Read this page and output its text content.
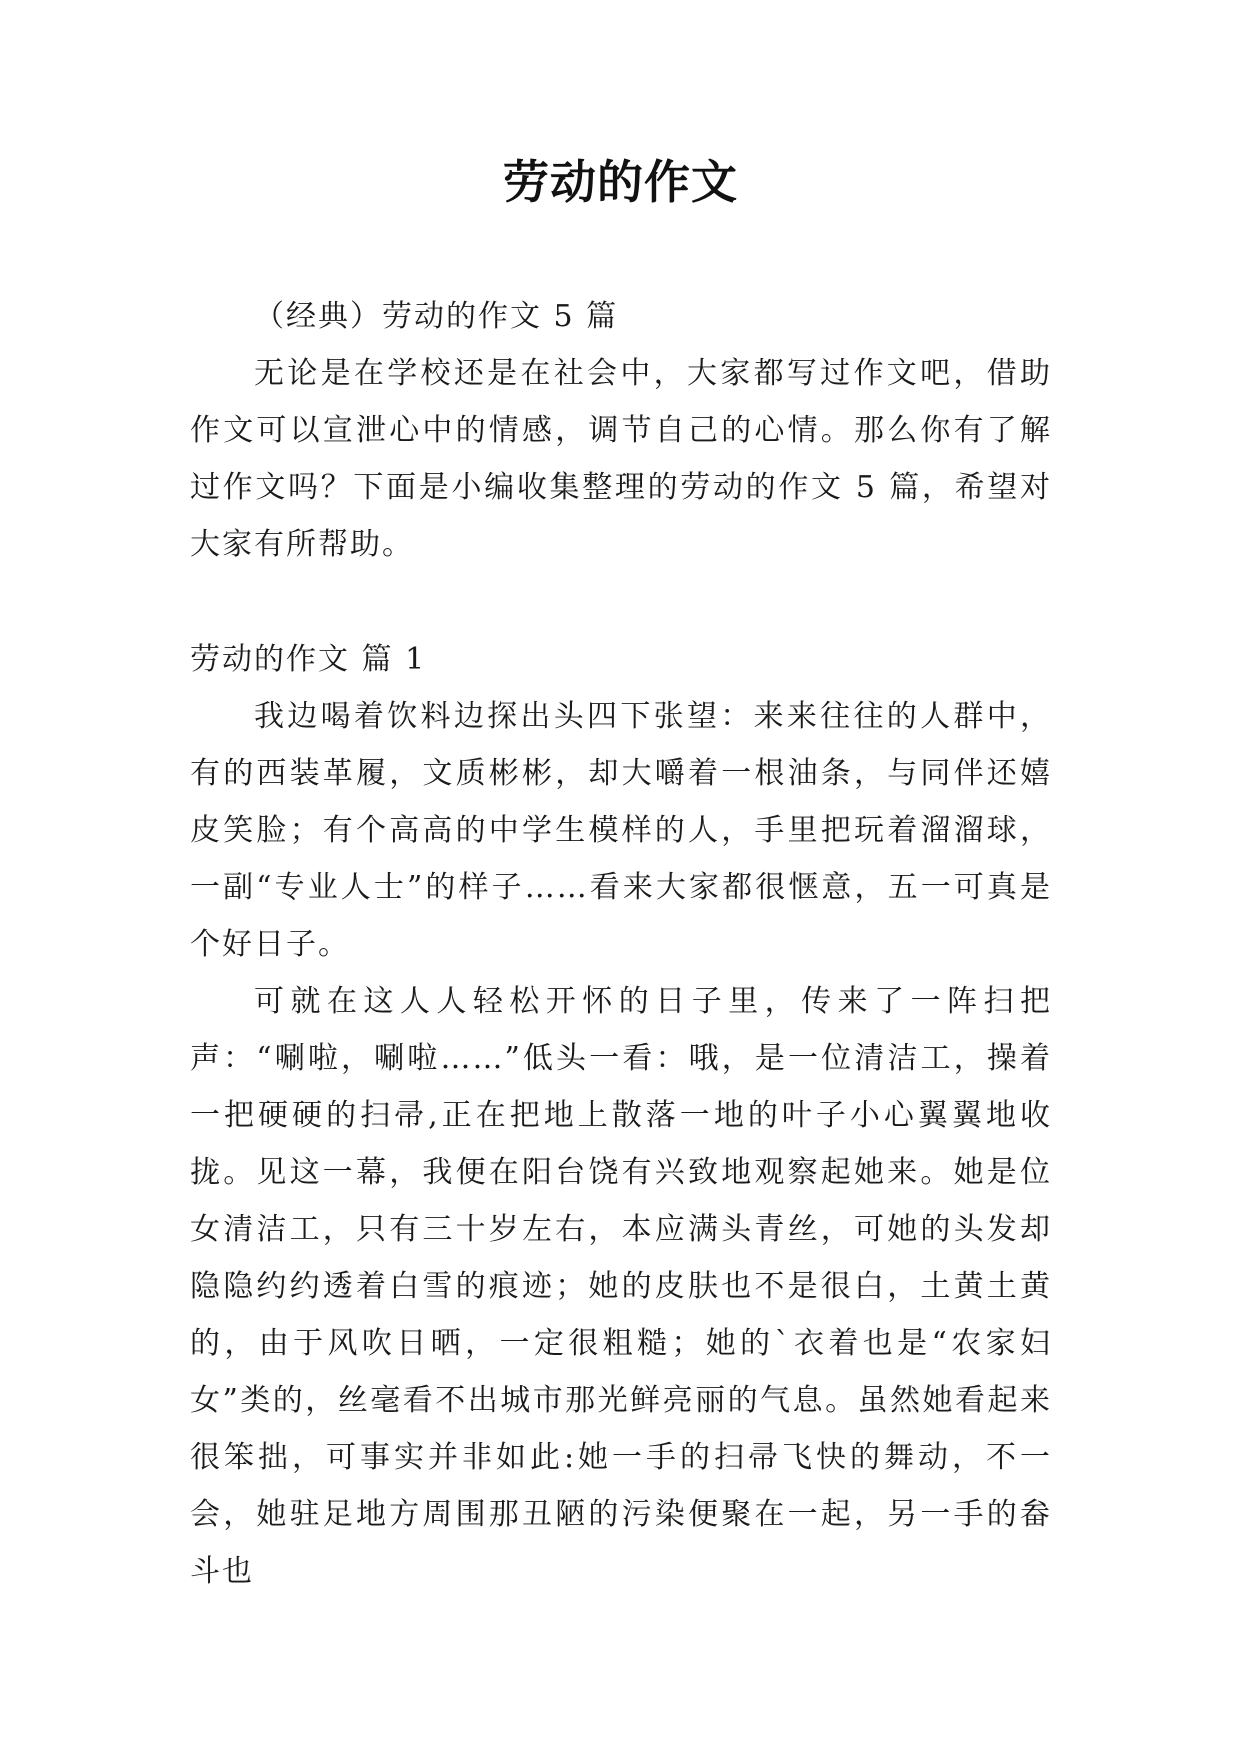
劳动的作文

（经典）劳动的作文 5 篇

无论是在学校还是在社会中，大家都写过作文吧，借助作文可以宣泄心中的情感，调节自己的心情。那么你有了解过作文吗？下面是小编收集整理的劳动的作文 5 篇，希望对大家有所帮助。

劳动的作文 篇 1

我边喝着饮料边探出头四下张望：来来往往的人群中，有的西装革履，文质彬彬，却大嚼着一根油条，与同伴还嬉皮笑脸；有个高高的中学生模样的人，手里把玩着溜溜球，一副“专业人士”的样子……看来大家都很惬意，五一可真是个好日子。

可就在这人人轻松开怀的日子里，传来了一阵扫把声：“唰啦，唰啦……”低头一看：哦，是一位清洁工，操着一把硬硬的扫帚,正在把地上散落一地的叶子小心翼翼地收拢。见这一幕，我便在阳台饶有兴致地观察起她来。她是位女清洁工，只有三十岁左右，本应满头青丝，可她的头发却隐隐约约透着白雪的痕迹；她的皮肤也不是很白，土黄土黄的，由于风吹日晒，一定很粗糙；她的`衣着也是“农家妇女”类的，丝毫看不出城市那光鲜亮丽的气息。虽然她看起来很笨拙，可事实并非如此:她一手的扫帚飞快的舞动，不一会，她驻足地方周围那丑陋的污染便聚在一起，另一手的畚斗也
